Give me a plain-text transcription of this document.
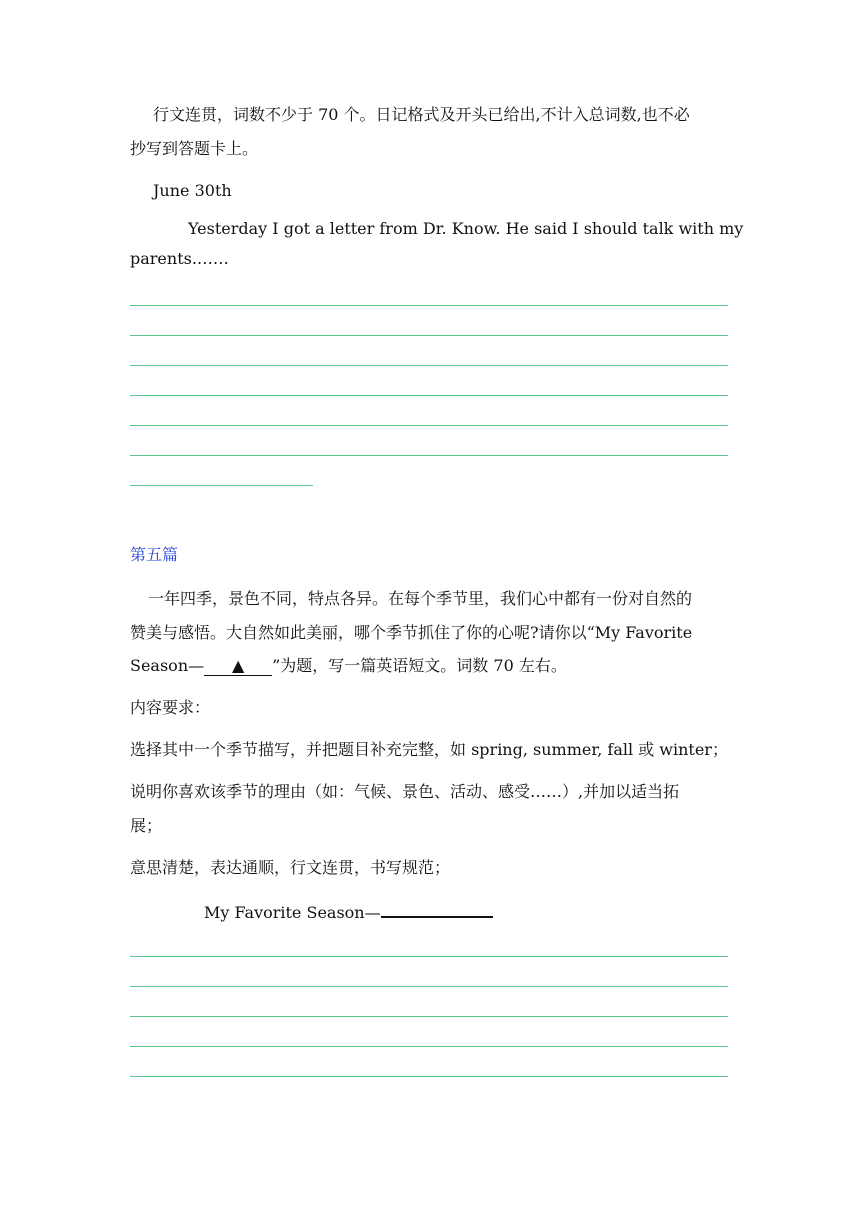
行文连贯，词数不少于 70 个。日记格式及开头已给出,不计入总词数,也不必
抄写到答题卡上。
June 30th
Yesterday I got a letter from Dr. Know. He said I should talk with my
parents.……
第五篇
一年四季，景色不同，特点各异。在每个季节里，我们心中都有一份对自然的
赞美与感悟。大自然如此美丽，哪个季节抓住了你的心呢?请你以“My Favorite
Season— ▲ ”为题，写一篇英语短文。词数 70 左右。
内容要求：
选择其中一个季节描写，并把题目补充完整，如 spring, summer, fall 或 winter；
说明你喜欢该季节的理由（如：气候、景色、活动、感受……）,并加以适当拓
展；
意思清楚，表达通顺，行文连贯，书写规范；
My Favorite Season—
